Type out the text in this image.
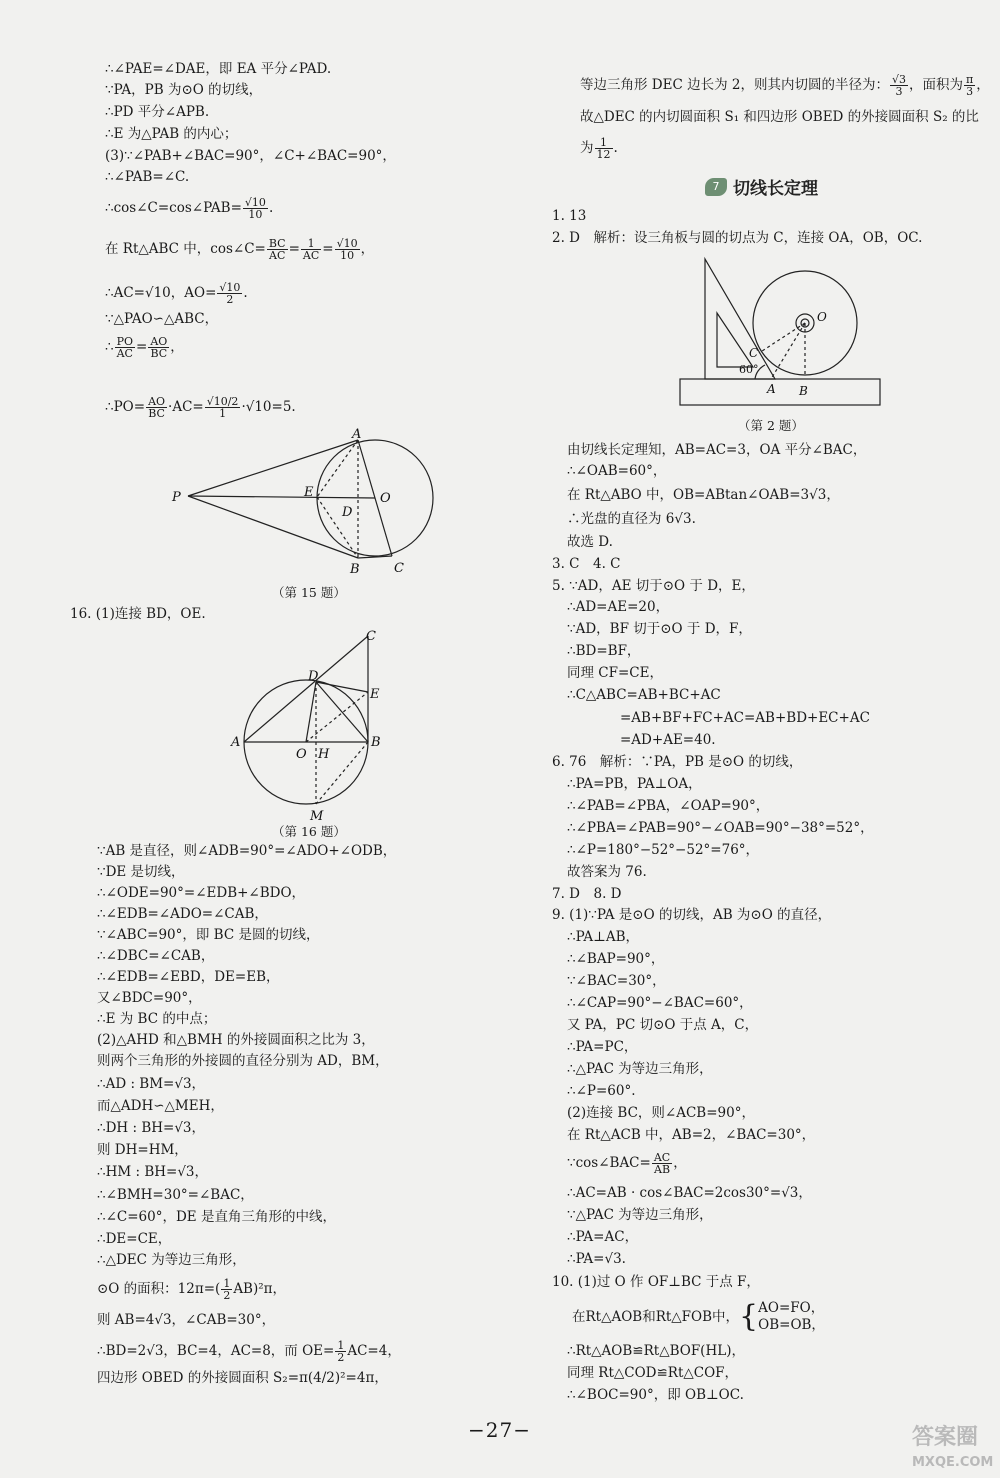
∴∠PAE=∠DAE，即 EA 平分∠PAD.
∵PA，PB 为⊙O 的切线，
∴PD 平分∠APB.
∴E 为△PAB 的内心；
(3)∵∠PAB+∠BAC=90°，∠C+∠BAC=90°，
∴∠PAB=∠C.
∴cos∠C=cos∠PAB= $\frac{√10}{10}$ .
在 Rt△ABC 中，cos∠C= $\frac{BC}{AC} = \frac{1}{AC} = \frac{√10}{10}$ ，
∴AC=√10，$AO= \frac{√10}{2}$ .
∵△PAO∽△ABC，
∴ $\frac{PO}{AC} = \frac{AO}{BC}$ ，
∴PO= $\frac{AO}{BC} \cdot AC= \frac{√10/2}{1} \cdot√10=5$.
A
P	E	O
D
B	C
（第 15 题）
16. (1)连接 BD，OE.
C
D
E
A
O H
B
M
（第 16 题）
∵AB 是直径，则∠ADB=90°=∠ADO+∠ODB，
∵DE 是切线，
∴∠ODE=90°=∠EDB+∠BDO，
∴∠EDB=∠ADO=∠CAB，
∵∠ABC=90°，即 BC 是圆的切线，
∴∠DBC=∠CAB，
∴∠EDB=∠EBD，DE=EB，
又∠BDC=90°，
∴E 为 BC 的中点；
(2)△AHD 和△BMH 的外接圆面积之比为 3，
则两个三角形的外接圆的直径分别为 AD，BM，
∴AD : BM=√3，
而△ADH∽△MEH，
∴DH : BH=√3，
则 DH=HM，
∴HM : BH=√3，
∴∠BMH=30°=∠BAC，
∴∠C=60°，DE 是直角三角形的中线，
∴DE=CE，
∴△DEC 为等边三角形，
⊙O 的面积：$12\pi=( \frac{1}{2} AB)^2\pi$，
则 AB=4√3，∠CAB=30°，
∴BD=2√3，BC=4，AC=8，而 $OE= \frac{1}{2} AC=4$，
四边形 OBED 的外接圆面积 S₂=π(4/2)²=4π，
等边三角形 DEC 边长为 2，则其内切圆的半径为： $\frac{√3}{3}$ ，面积为 $\frac{\pi}{3}$ ，
故△DEC 的内切圆面积 S₁ 和四边形 OBED 的外接圆面积 S₂ 的比
为 $\frac{1}{12}$ .
7 切线长定理
1. 13
2. D　解析：设三角板与圆的切点为 C，连接 OA，OB，OC.
O
C
60°
A B
（第 2 题）
由切线长定理知，AB=AC=3，OA 平分∠BAC，
∴∠OAB=60°，
在 Rt△ABO 中，OB=ABtan∠OAB=3√3，
∴光盘的直径为 6√3.
故选 D.
3. C　4. C
5. ∵AD，AE 切于⊙O 于 D，E，
∴AD=AE=20，
∵AD，BF 切于⊙O 于 D，F，
∴BD=BF，
同理 CF=CE，
∴C△ABC=AB+BC+AC
=AB+BF+FC+AC=AB+BD+EC+AC
=AD+AE=40.
6. 76　解析：∵PA，PB 是⊙O 的切线，
∴PA=PB，PA⊥OA，
∴∠PAB=∠PBA，∠OAP=90°，
∴∠PBA=∠PAB=90°−∠OAB=90°−38°=52°，
∴∠P=180°−52°−52°=76°，
故答案为 76.
7. D　8. D
9. (1)∵PA 是⊙O 的切线，AB 为⊙O 的直径，
∴PA⊥AB，
∴∠BAP=90°，
∵∠BAC=30°，
∴∠CAP=90°−∠BAC=60°，
又 PA，PC 切⊙O 于点 A，C，
∴PA=PC，
∴△PAC 为等边三角形，
∴∠P=60°.
(2)连接 BC，则∠ACB=90°，
在 Rt△ACB 中，AB=2，∠BAC=30°，
∵cos∠BAC= $\frac{AC}{AB}$ ，
∴AC=AB · cos∠BAC=2cos30°=√3，
∵△PAC 为等边三角形，
∴PA=AC，
∴PA=√3.
10. (1)过 O 作 OF⊥BC 于点 F，
在Rt△AOB和Rt△FOB中，{ AO=FO，
OB=OB，
∴Rt△AOB≌Rt△BOF(HL)，
同理 Rt△COD≌Rt△COF，
∴∠BOC=90°，即 OB⊥OC.
−27−	答案圈
MXQE.COM
